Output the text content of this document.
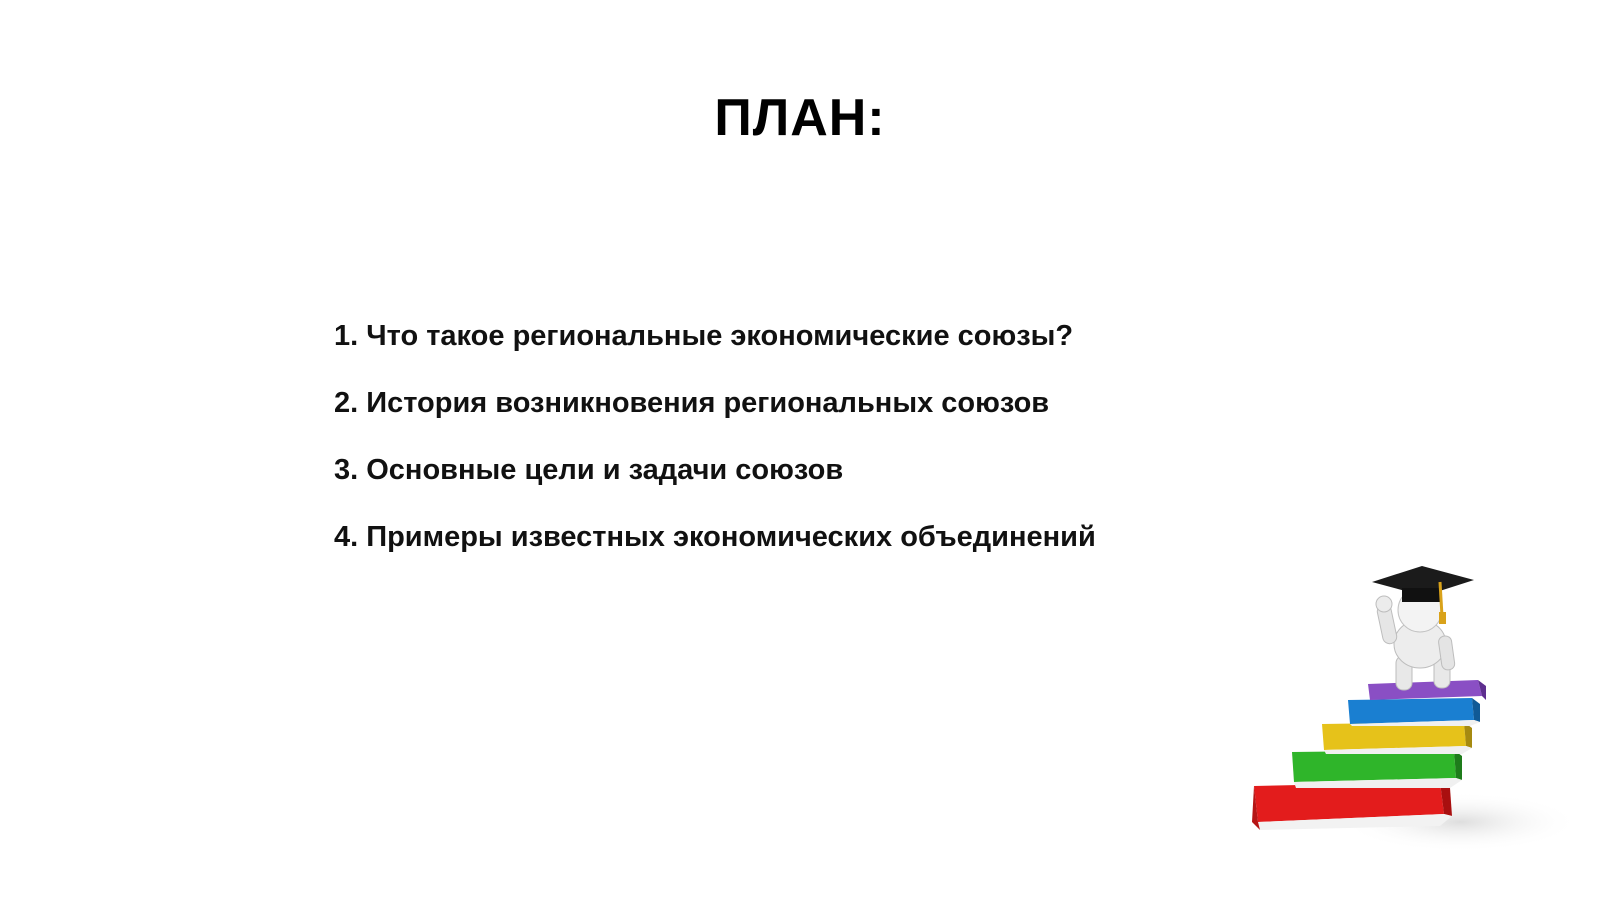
ПЛАН:
1. Что такое региональные экономические союзы?
2. История возникновения региональных союзов
3. Основные цели и задачи союзов
4. Примеры известных экономических объединений
